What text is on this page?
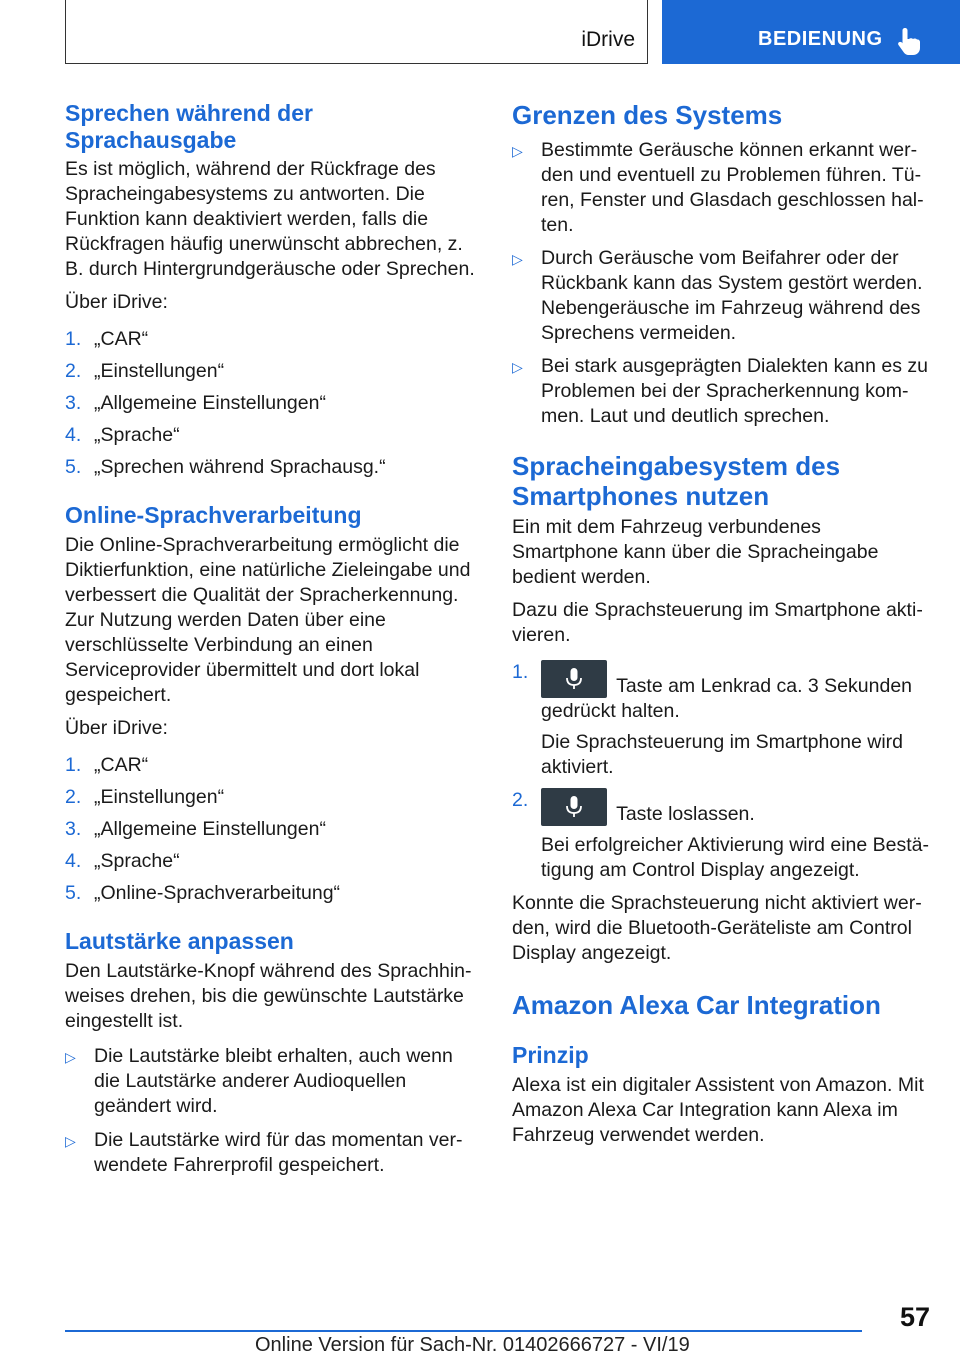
iDrive	BEDIENUNG
Sprechen während der Sprachausgabe

Es ist möglich, während der Rückfrage des Spracheingabesystems zu antworten. Die Funktion kann deaktiviert werden, falls die Rückfragen häufig unerwünscht abbrechen, z. B. durch Hintergrundgeräusche oder Sprechen.

Über iDrive:

1. „CAR“
2. „Einstellungen“
3. „Allgemeine Einstellungen“
4. „Sprache“
5. „Sprechen während Sprachausg.“
Online-Sprachverarbeitung

Die Online-Sprachverarbeitung ermöglicht die Diktierfunktion, eine natürliche Zieleingabe und verbessert die Qualität der Spracherkennung. Zur Nutzung werden Daten über eine verschlüsselte Verbindung an einen Serviceprovider übermittelt und dort lokal gespeichert.

Über iDrive:

1. „CAR“
2. „Einstellungen“
3. „Allgemeine Einstellungen“
4. „Sprache“
5. „Online-Sprachverarbeitung“
Lautstärke anpassen

Den Lautstärke-Knopf während des Sprachhinweises drehen, bis die gewünschte Lautstärke eingestellt ist.

▷ Die Lautstärke bleibt erhalten, auch wenn die Lautstärke anderer Audioquellen geändert wird.
▷ Die Lautstärke wird für das momentan verwendete Fahrerprofil gespeichert.
Grenzen des Systems
▷ Bestimmte Geräusche können erkannt werden und eventuell zu Problemen führen. Türen, Fenster und Glasdach geschlossen halten.
▷ Durch Geräusche vom Beifahrer oder der Rückbank kann das System gestört werden. Nebengeräusche im Fahrzeug während des Sprechens vermeiden.
▷ Bei stark ausgeprägten Dialekten kann es zu Problemen bei der Spracherkennung kommen. Laut und deutlich sprechen.
Spracheingabesystem des Smartphones nutzen

Ein mit dem Fahrzeug verbundenes Smartphone kann über die Spracheingabe bedient werden.

Dazu die Sprachsteuerung im Smartphone aktivieren.

1.
Taste am Lenkrad ca. 3 Sekunden gedrückt halten.
Die Sprachsteuerung im Smartphone wird aktiviert.
2.
Taste loslassen.
Bei erfolgreicher Aktivierung wird eine Bestätigung am Control Display angezeigt.

Konnte die Sprachsteuerung nicht aktiviert werden, wird die Bluetooth-Geräteliste am Control Display angezeigt.

Amazon Alexa Car Integration
Prinzip

Alexa ist ein digitaler Assistent von Amazon. Mit Amazon Alexa Car Integration kann Alexa im Fahrzeug verwendet werden.

57
Online Version für Sach-Nr. 01402666727 - VI/19
